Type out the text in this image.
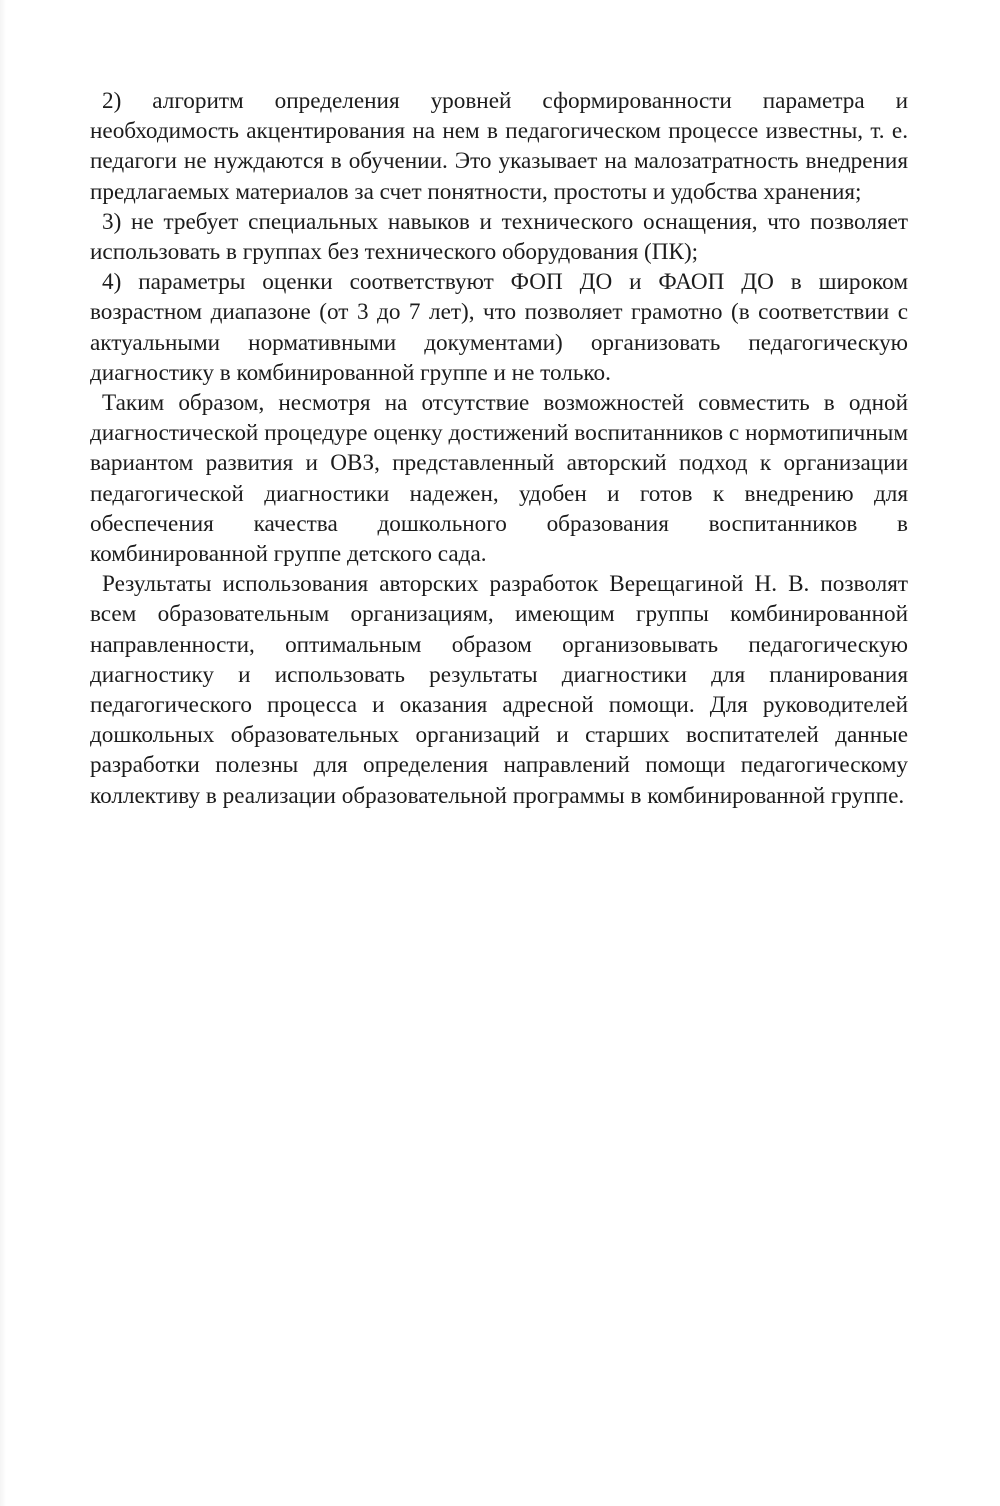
2) алгоритм определения уровней сформированности параметра и необходимость акцентирования на нем в педагогическом процессе известны, т. е. педагоги не нуждаются в обучении. Это указывает на малозатратность внедрения предлагаемых материалов за счет понятности, простоты и удобства хранения;

3) не требует специальных навыков и технического оснащения, что позволяет использовать в группах без технического оборудования (ПК);

4) параметры оценки соответствуют ФОП ДО и ФАОП ДО в широком возрастном диапазоне (от 3 до 7 лет), что позволяет грамотно (в соответствии с актуальными нормативными документами) организовать педагогическую диагностику в комбинированной группе и не только.

Таким образом, несмотря на отсутствие возможностей совместить в одной диагностической процедуре оценку достижений воспитанников с нормотипичным вариантом развития и ОВЗ, представленный авторский подход к организации педагогической диагностики надежен, удобен и готов к внедрению для обеспечения качества дошкольного образования воспитанников в комбинированной группе детского сада.

Результаты использования авторских разработок Верещагиной Н. В. позволят всем образовательным организациям, имеющим группы комбинированной направленности, оптимальным образом организовывать педагогическую диагностику и использовать результаты диагностики для планирования педагогического процесса и оказания адресной помощи. Для руководителей дошкольных образовательных организаций и старших воспитателей данные разработки полезны для определения направлений помощи педагогическому коллективу в реализации образовательной программы в комбинированной группе.
